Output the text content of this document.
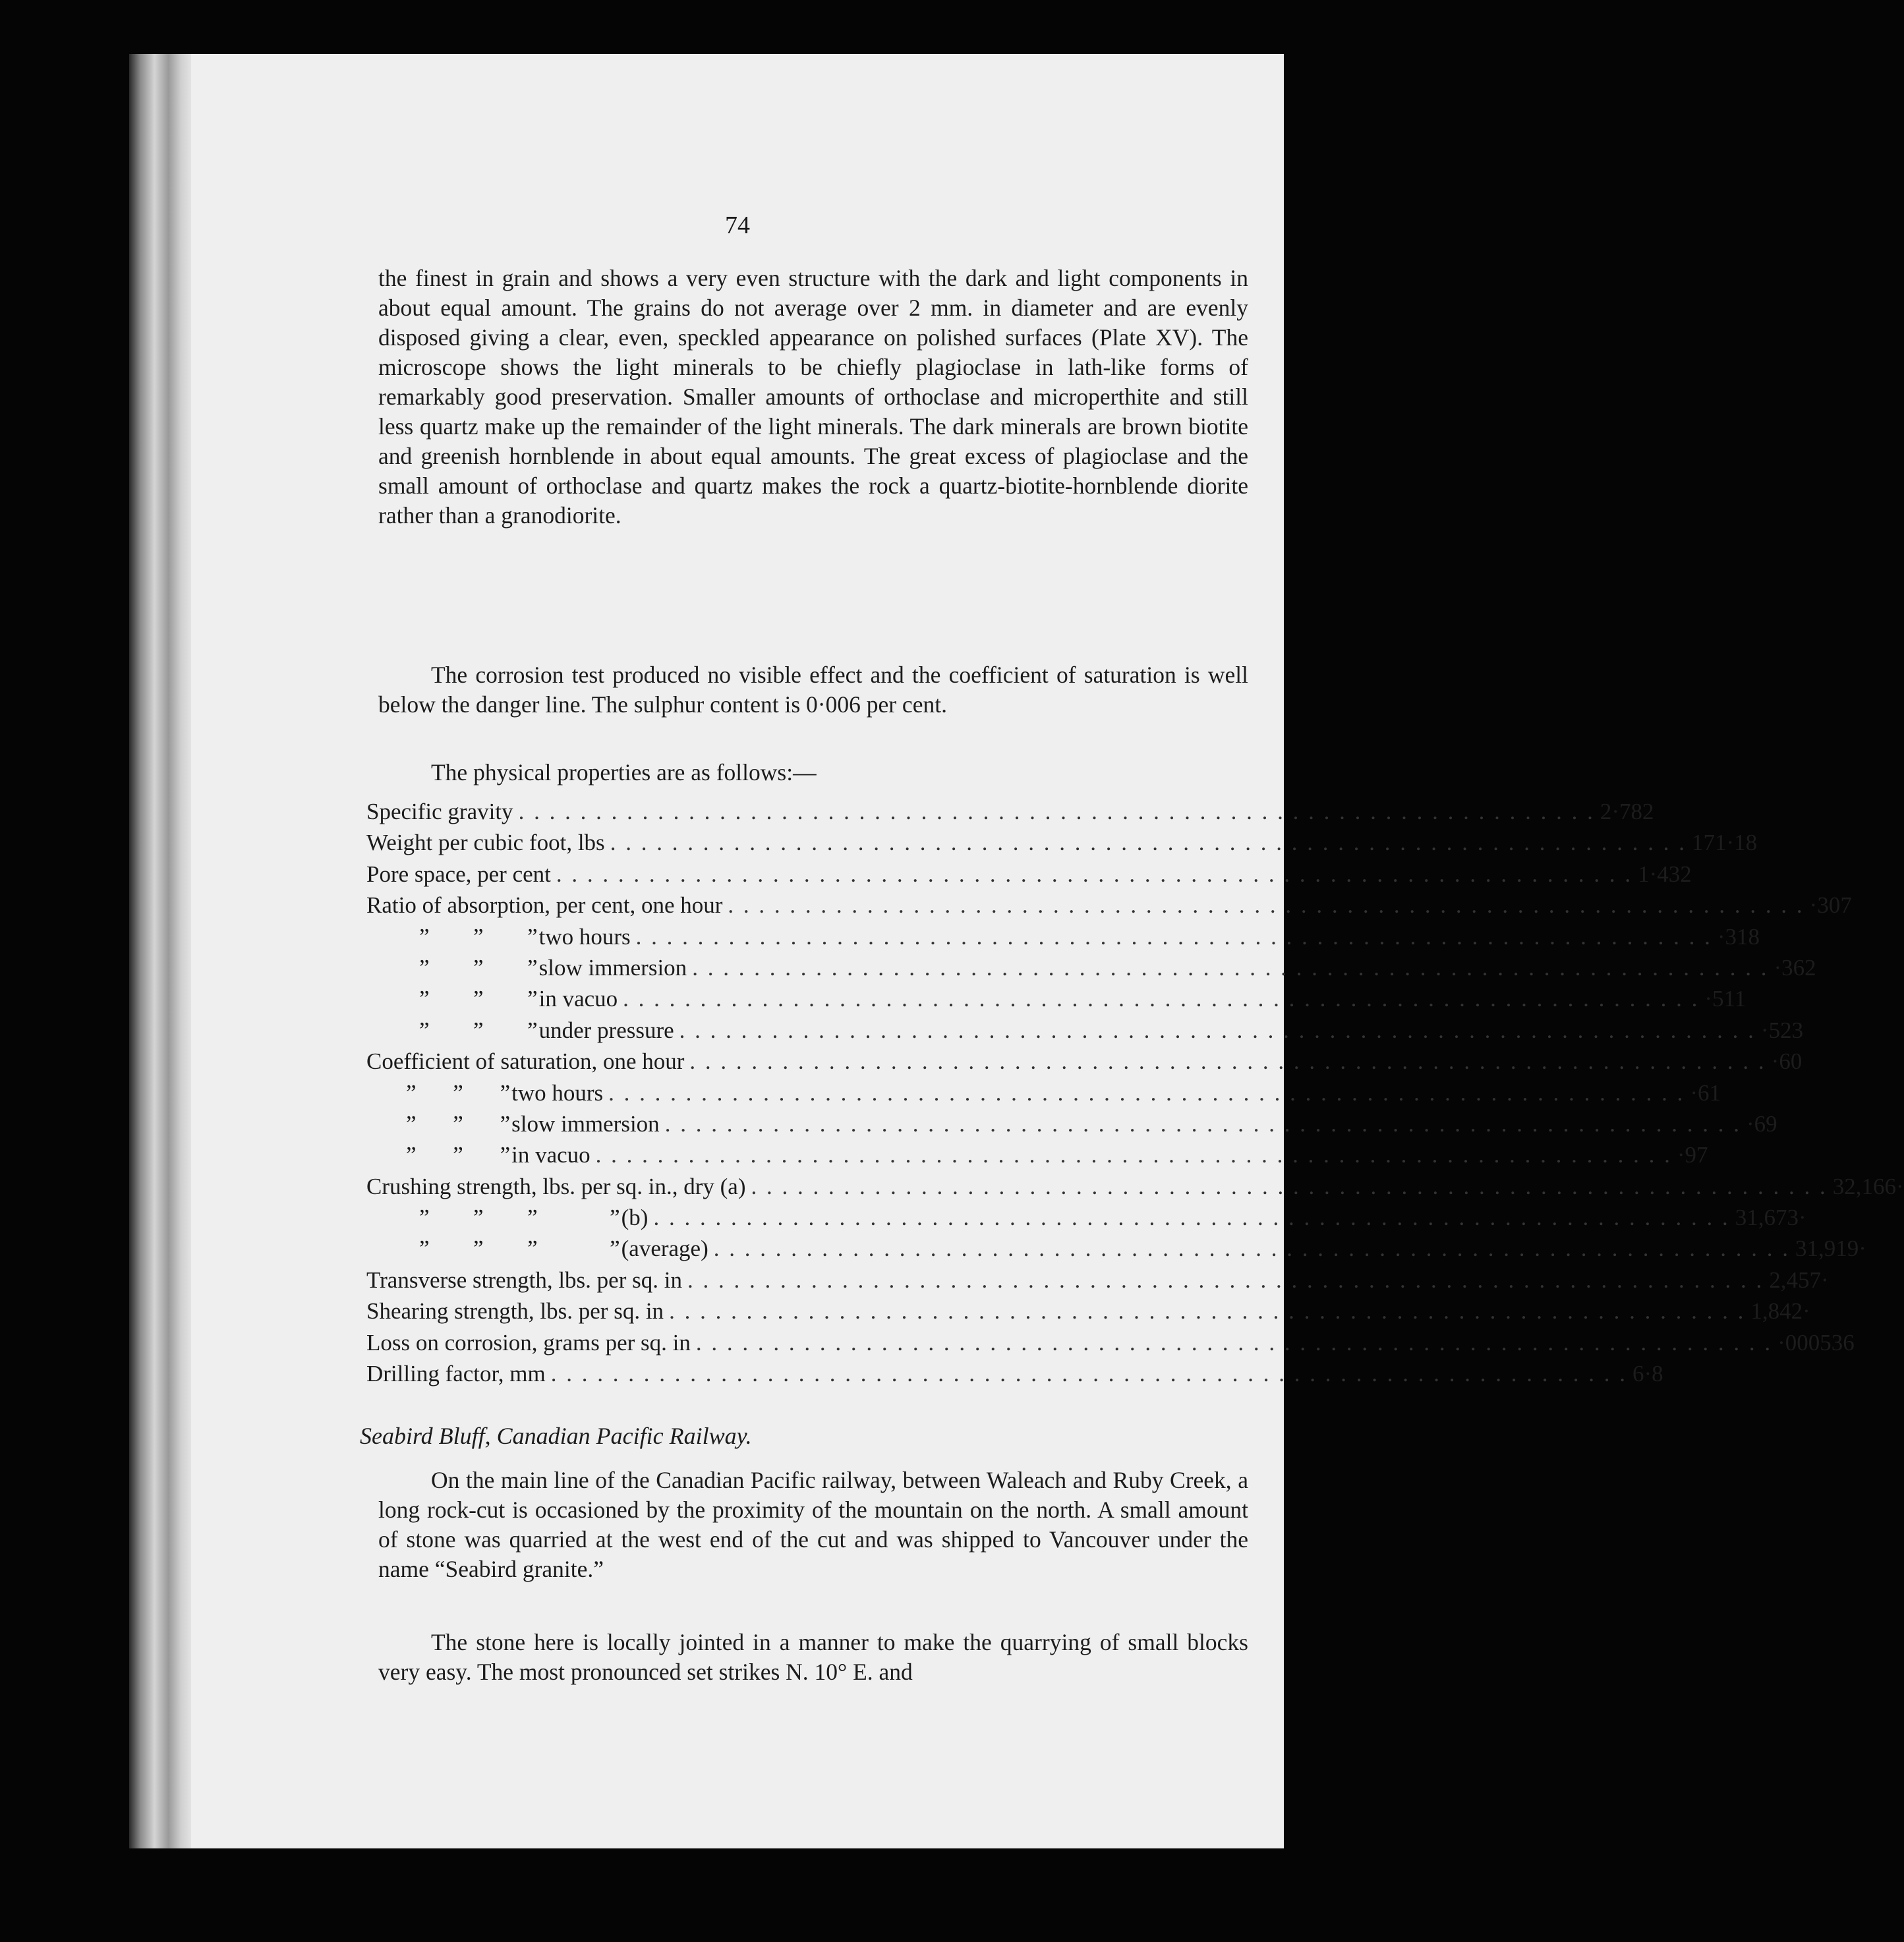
74

the finest in grain and shows a very even structure with the dark and light components in about equal amount. The grains do not average over 2 mm. in diameter and are evenly disposed giving a clear, even, speckled appearance on polished surfaces (Plate XV). The microscope shows the light minerals to be chiefly plagioclase in lath-like forms of remarkably good preservation. Smaller amounts of orthoclase and microperthite and still less quartz make up the remainder of the light minerals. The dark minerals are brown biotite and greenish hornblende in about equal amounts. The great excess of plagioclase and the small amount of orthoclase and quartz makes the rock a quartz-biotite-hornblende diorite rather than a granodiorite.

The corrosion test produced no visible effect and the coefficient of saturation is well below the danger line. The sulphur content is 0·006 per cent.

The physical properties are as follows:—

Specific gravity . . . . . . . . . . . . . . . . . . . . . . . . . . . . . . . . . . . . . . . . . . . . . . . . . . . . . . . . . . . . . . . . . . . . . . 2·782
Weight per cubic foot, lbs . . . . . . . . . . . . . . . . . . . . . . . . . . . . . . . . . . . . . . . . . . . . . . . . . . . . . . . . . . . . . . . . . . . . . . 171·18
Pore space, per cent . . . . . . . . . . . . . . . . . . . . . . . . . . . . . . . . . . . . . . . . . . . . . . . . . . . . . . . . . . . . . . . . . . . . . . 1·432
Ratio of absorption, per cent, one hour . . . . . . . . . . . . . . . . . . . . . . . . . . . . . . . . . . . . . . . . . . . . . . . . . . . . . . . . . . . . . . . . . . . . . . ·307
”      ”      ” two hours . . . . . . . . . . . . . . . . . . . . . . . . . . . . . . . . . . . . . . . . . . . . . . . . . . . . . . . . . . . . . . . . . . . . . . ·318
”      ”      ” slow immersion . . . . . . . . . . . . . . . . . . . . . . . . . . . . . . . . . . . . . . . . . . . . . . . . . . . . . . . . . . . . . . . . . . . . . . ·362
”      ”      ” in vacuo . . . . . . . . . . . . . . . . . . . . . . . . . . . . . . . . . . . . . . . . . . . . . . . . . . . . . . . . . . . . . . . . . . . . . . ·511
”      ”      ” under pressure . . . . . . . . . . . . . . . . . . . . . . . . . . . . . . . . . . . . . . . . . . . . . . . . . . . . . . . . . . . . . . . . . . . . . . ·523
Coefficient of saturation, one hour . . . . . . . . . . . . . . . . . . . . . . . . . . . . . . . . . . . . . . . . . . . . . . . . . . . . . . . . . . . . . . . . . . . . . . ·60
”     ”     ” two hours . . . . . . . . . . . . . . . . . . . . . . . . . . . . . . . . . . . . . . . . . . . . . . . . . . . . . . . . . . . . . . . . . . . . . . ·61
”     ”     ” slow immersion . . . . . . . . . . . . . . . . . . . . . . . . . . . . . . . . . . . . . . . . . . . . . . . . . . . . . . . . . . . . . . . . . . . . . . ·69
”     ”     ” in vacuo . . . . . . . . . . . . . . . . . . . . . . . . . . . . . . . . . . . . . . . . . . . . . . . . . . . . . . . . . . . . . . . . . . . . . . ·97
Crushing strength, lbs. per sq. in., dry (a) . . . . . . . . . . . . . . . . . . . . . . . . . . . . . . . . . . . . . . . . . . . . . . . . . . . . . . . . . . . . . . . . . . . . . . 32,166·
”      ”      ”          ” (b) . . . . . . . . . . . . . . . . . . . . . . . . . . . . . . . . . . . . . . . . . . . . . . . . . . . . . . . . . . . . . . . . . . . . . . 31,673·
”      ”      ”          ” (average) . . . . . . . . . . . . . . . . . . . . . . . . . . . . . . . . . . . . . . . . . . . . . . . . . . . . . . . . . . . . . . . . . . . . . . 31,919·
Transverse strength, lbs. per sq. in . . . . . . . . . . . . . . . . . . . . . . . . . . . . . . . . . . . . . . . . . . . . . . . . . . . . . . . . . . . . . . . . . . . . . . 2,457·
Shearing strength, lbs. per sq. in . . . . . . . . . . . . . . . . . . . . . . . . . . . . . . . . . . . . . . . . . . . . . . . . . . . . . . . . . . . . . . . . . . . . . . 1,842·
Loss on corrosion, grams per sq. in . . . . . . . . . . . . . . . . . . . . . . . . . . . . . . . . . . . . . . . . . . . . . . . . . . . . . . . . . . . . . . . . . . . . . . ·000536
Drilling factor, mm . . . . . . . . . . . . . . . . . . . . . . . . . . . . . . . . . . . . . . . . . . . . . . . . . . . . . . . . . . . . . . . . . . . . . . 6·8
Seabird Bluff, Canadian Pacific Railway.

On the main line of the Canadian Pacific railway, between Waleach and Ruby Creek, a long rock-cut is occasioned by the proximity of the mountain on the north. A small amount of stone was quarried at the west end of the cut and was shipped to Vancouver under the name “Seabird granite.”

The stone here is locally jointed in a manner to make the quarrying of small blocks very easy. The most pronounced set strikes N. 10° E. and
